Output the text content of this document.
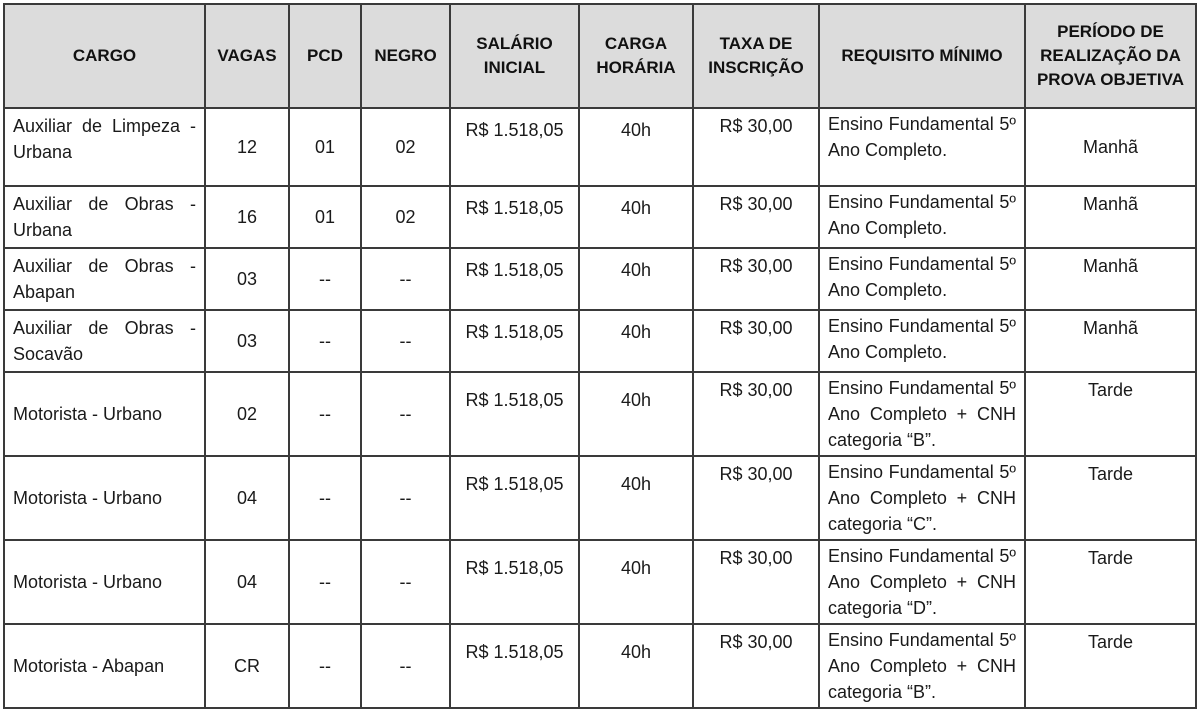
CARGO	VAGAS	PCD	NEGRO	SALÁRIO INICIAL	CARGA HORÁRIA	TAXA DE INSCRIÇÃO	REQUISITO MÍNIMO	PERÍODO DE REALIZAÇÃO DA PROVA OBJETIVA

Auxiliar de Limpeza - Urbana	12	01	02	R$ 1.518,05	40h	R$ 30,00	Ensino Fundamental 5º Ano Completo.	Manhã

Auxiliar de Obras - Urbana	16	01	02	R$ 1.518,05	40h	R$ 30,00	Ensino Fundamental 5º Ano Completo.	Manhã

Auxiliar de Obras - Abapan	03	--	--	R$ 1.518,05	40h	R$ 30,00	Ensino Fundamental 5º Ano Completo.	Manhã

Auxiliar de Obras - Socavão	03	--	--	R$ 1.518,05	40h	R$ 30,00	Ensino Fundamental 5º Ano Completo.	Manhã

Motorista - Urbano	02	--	--	R$ 1.518,05	40h	R$ 30,00	Ensino Fundamental 5º Ano Completo + CNH categoria “B”.	Tarde

Motorista - Urbano	04	--	--	R$ 1.518,05	40h	R$ 30,00	Ensino Fundamental 5º Ano Completo + CNH categoria “C”.	Tarde

Motorista - Urbano	04	--	--	R$ 1.518,05	40h	R$ 30,00	Ensino Fundamental 5º Ano Completo + CNH categoria “D”.	Tarde

Motorista - Abapan	CR	--	--	R$ 1.518,05	40h	R$ 30,00	Ensino Fundamental 5º Ano Completo + CNH categoria “B”.	Tarde
